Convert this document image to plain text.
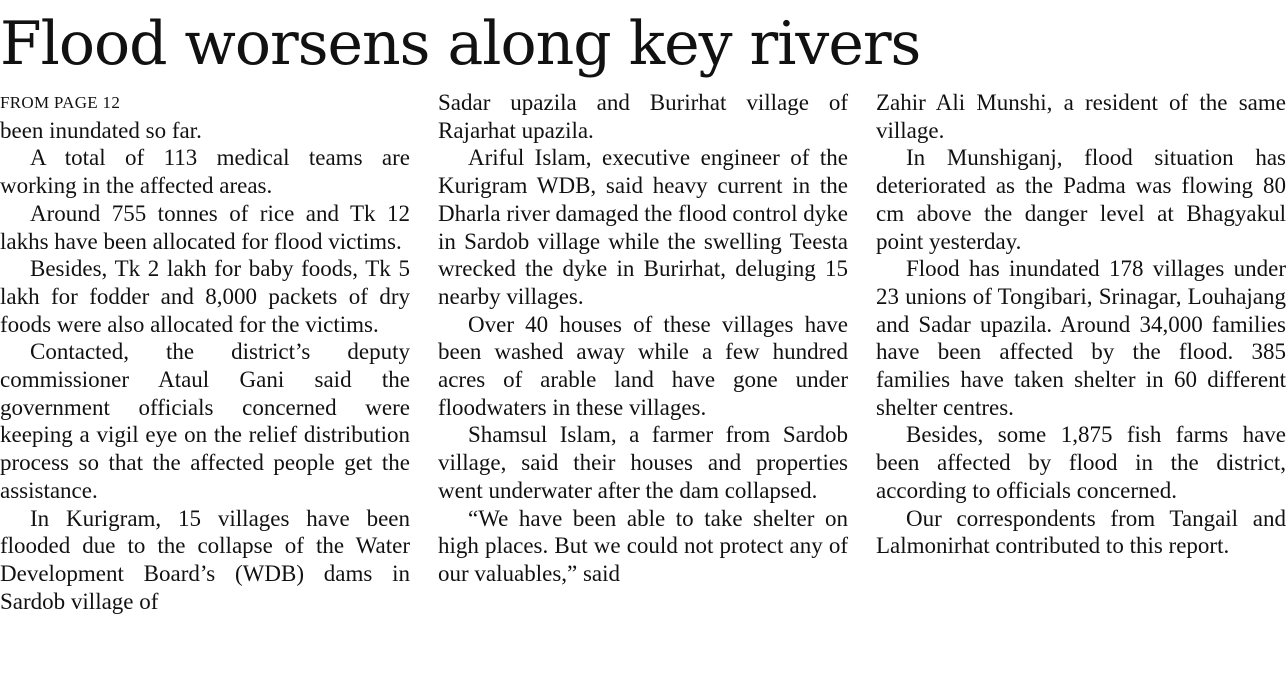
Flood worsens along key rivers
FROM PAGE 12

been inundated so far.

A total of 113 medical teams are working in the affected areas.

Around 755 tonnes of rice and Tk 12 lakhs have been allocated for flood victims.

Besides, Tk 2 lakh for baby foods, Tk 5 lakh for fodder and 8,000 packets of dry foods were also allocated for the victims.

Contacted, the district’s deputy commissioner Ataul Gani said the government officials concerned were keeping a vigil eye on the relief distribution process so that the affected people get the assistance.

In Kurigram, 15 villages have been flooded due to the collapse of the Water Development Board’s (WDB) dams in Sardob village of

Sadar upazila and Burirhat village of Rajarhat upazila.

Ariful Islam, executive engineer of the Kurigram WDB, said heavy current in the Dharla river damaged the flood control dyke in Sardob village while the swelling Teesta wrecked the dyke in Burirhat, deluging 15 nearby villages.

Over 40 houses of these villages have been washed away while a few hundred acres of arable land have gone under floodwaters in these villages.

Shamsul Islam, a farmer from Sardob village, said their houses and properties went underwater after the dam collapsed.

“We have been able to take shelter on high places. But we could not protect any of our valuables,” said

Zahir Ali Munshi, a resident of the same village.

In Munshiganj, flood situation has deteriorated as the Padma was flowing 80 cm above the danger level at Bhagyakul point yesterday.

Flood has inundated 178 villages under 23 unions of Tongibari, Srinagar, Louhajang and Sadar upazila. Around 34,000 families have been affected by the flood. 385 families have taken shelter in 60 different shelter centres.

Besides, some 1,875 fish farms have been affected by flood in the district, according to officials concerned.

Our correspondents from Tangail and Lalmonirhat contributed to this report.
